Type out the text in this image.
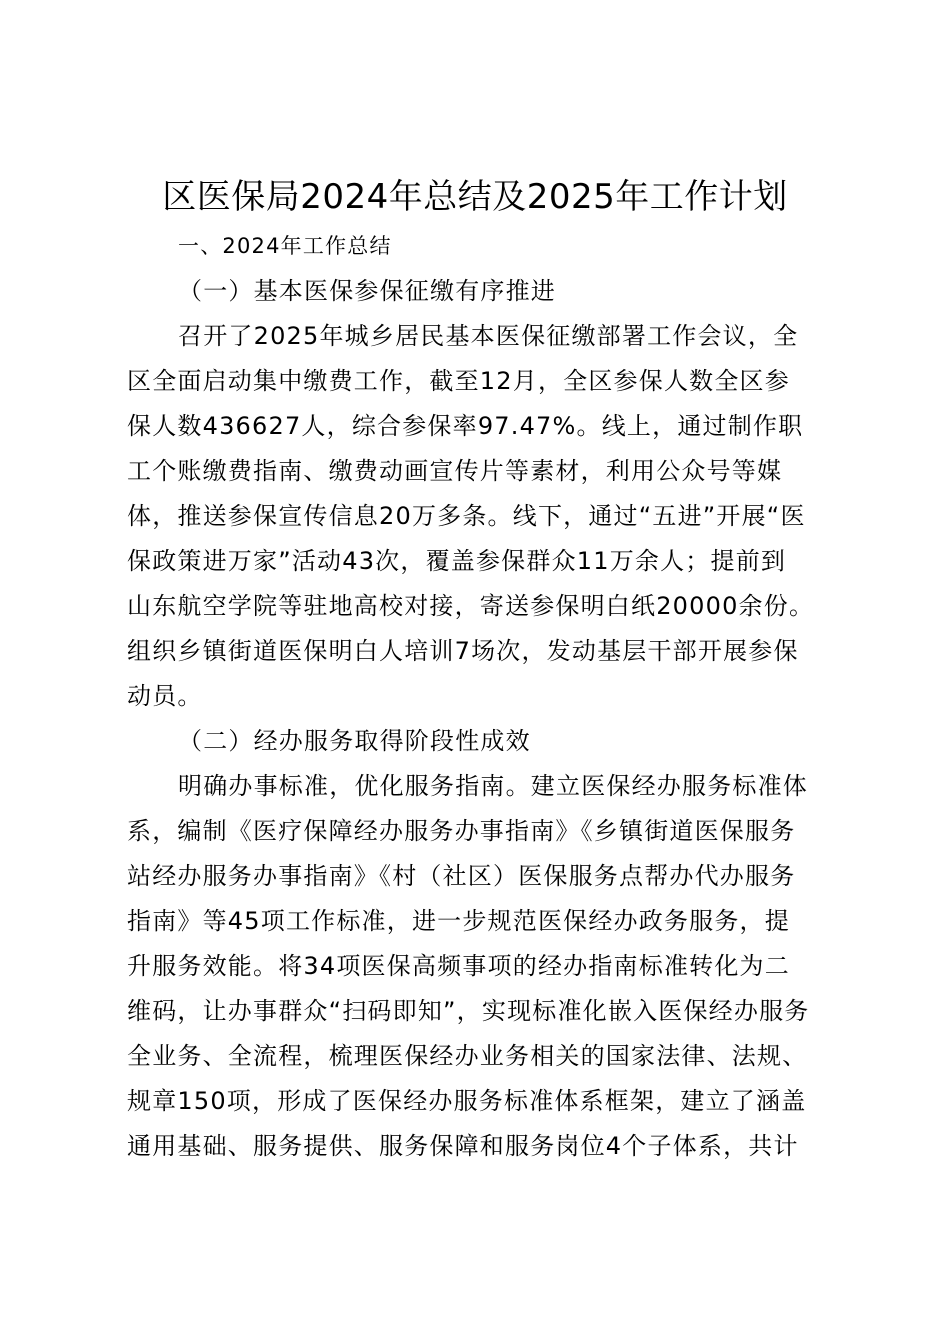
区医保局2024年总结及2025年工作计划
一、2024年工作总结
（一）基本医保参保征缴有序推进
召开了2025年城乡居民基本医保征缴部署工作会议，全
区全面启动集中缴费工作，截至12月，全区参保人数全区参
保人数436627人，综合参保率97.47%。线上，通过制作职
工个账缴费指南、缴费动画宣传片等素材，利用公众号等媒
体，推送参保宣传信息20万多条。线下，通过“五进”开展“医
保政策进万家”活动43次，覆盖参保群众11万余人；提前到
山东航空学院等驻地高校对接，寄送参保明白纸20000余份。
组织乡镇街道医保明白人培训7场次，发动基层干部开展参保
动员。
（二）经办服务取得阶段性成效
明确办事标准，优化服务指南。建立医保经办服务标准体
系，编制《医疗保障经办服务办事指南》《乡镇街道医保服务
站经办服务办事指南》《村（社区）医保服务点帮办代办服务
指南》等45项工作标准，进一步规范医保经办政务服务，提
升服务效能。将34项医保高频事项的经办指南标准转化为二
维码，让办事群众“扫码即知”，实现标准化嵌入医保经办服务
全业务、全流程，梳理医保经办业务相关的国家法律、法规、
规章150项，形成了医保经办服务标准体系框架，建立了涵盖
通用基础、服务提供、服务保障和服务岗位4个子体系，共计
